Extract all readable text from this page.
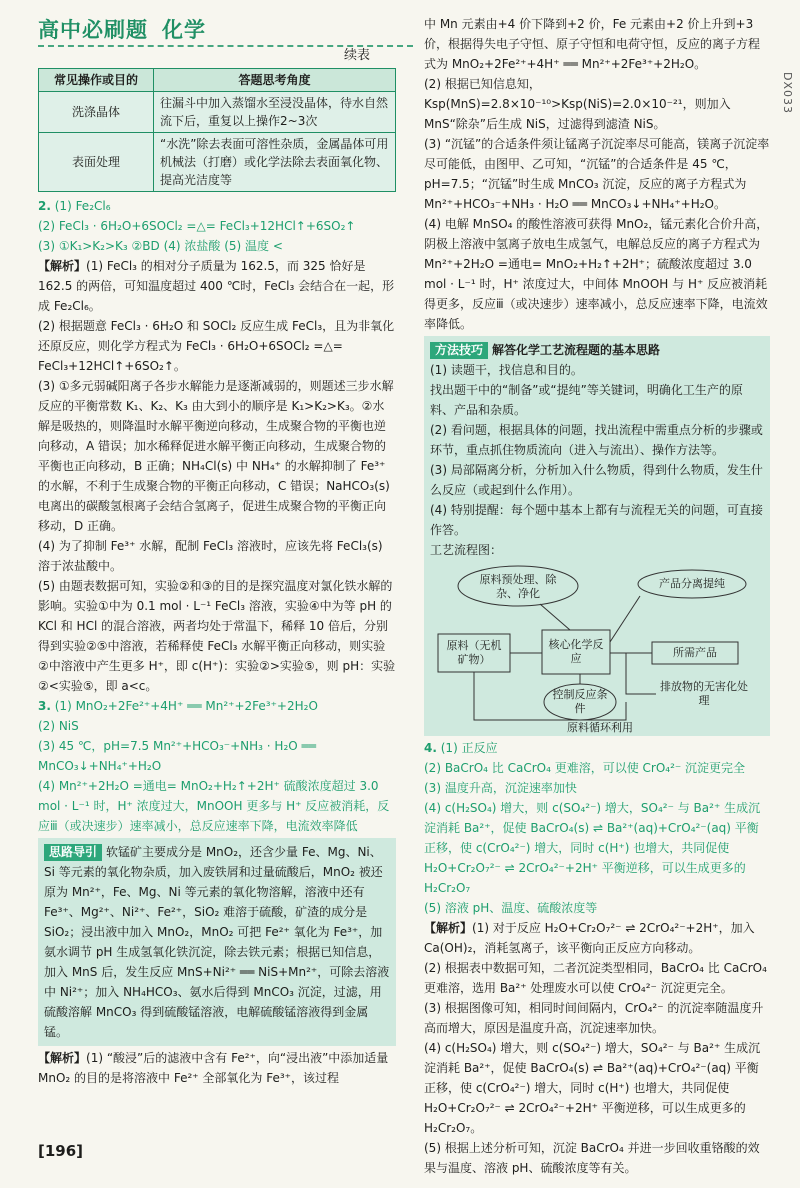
高中必刷题 化学
DX033
续表
常见操作或目的	答题思考角度
洗涤晶体	往漏斗中加入蒸馏水至浸没晶体，待水自然流下后，重复以上操作2~3次
表面处理	“水洗”除去表面可溶性杂质，金属晶体可用机械法（打磨）或化学法除去表面氧化物、提高光洁度等

2. (1) Fe₂Cl₆

(2) FeCl₃ · 6H₂O+6SOCl₂ =△= FeCl₃+12HCl↑+6SO₂↑

(3) ①K₁>K₂>K₃ ②BD (4) 浓盐酸 (5) 温度 <

【解析】(1) FeCl₃ 的相对分子质量为 162.5，而 325 恰好是 162.5 的两倍，可知温度超过 400 ℃时，FeCl₃ 会结合在一起，形成 Fe₂Cl₆。

(2) 根据题意 FeCl₃ · 6H₂O 和 SOCl₂ 反应生成 FeCl₃，且为非氧化还原反应，则化学方程式为 FeCl₃ · 6H₂O+6SOCl₂ =△= FeCl₃+12HCl↑+6SO₂↑。

(3) ①多元弱碱阳离子各步水解能力是逐渐减弱的，则题述三步水解反应的平衡常数 K₁、K₂、K₃ 由大到小的顺序是 K₁>K₂>K₃。②水解是吸热的，则降温时水解平衡逆向移动，生成聚合物的平衡也逆向移动，A 错误；加水稀释促进水解平衡正向移动，生成聚合物的平衡也正向移动，B 正确；NH₄Cl(s) 中 NH₄⁺ 的水解抑制了 Fe³⁺ 的水解，不利于生成聚合物的平衡正向移动，C 错误；NaHCO₃(s) 电离出的碳酸氢根离子会结合氢离子，促进生成聚合物的平衡正向移动，D 正确。

(4) 为了抑制 Fe³⁺ 水解，配制 FeCl₃ 溶液时，应该先将 FeCl₃(s) 溶于浓盐酸中。

(5) 由题表数据可知，实验②和③的目的是探究温度对氯化铁水解的影响。实验①中为 0.1 mol · L⁻¹ FeCl₃ 溶液，实验④中为等 pH 的 KCl 和 HCl 的混合溶液，两者均处于常温下，稀释 10 倍后，分别得到实验②⑤中溶液，若稀释使 FeCl₃ 水解平衡正向移动，则实验②中溶液中产生更多 H⁺，即 c(H⁺)：实验②>实验⑤，则 pH：实验②<实验⑤，即 a<c。

3. (1) MnO₂+2Fe²⁺+4H⁺ ══ Mn²⁺+2Fe³⁺+2H₂O

(2) NiS

(3) 45 ℃，pH=7.5 Mn²⁺+HCO₃⁻+NH₃ · H₂O ══ MnCO₃↓+NH₄⁺+H₂O

(4) Mn²⁺+2H₂O =通电= MnO₂+H₂↑+2H⁺ 硫酸浓度超过 3.0 mol · L⁻¹ 时，H⁺ 浓度过大，MnOOH 更多与 H⁺ 反应被消耗，反应ⅲ（或决速步）速率减小，总反应速率下降，电流效率降低

思路导引 软锰矿主要成分是 MnO₂，还含少量 Fe、Mg、Ni、Si 等元素的氧化物杂质，加入废铁屑和过量硫酸后，MnO₂ 被还原为 Mn²⁺，Fe、Mg、Ni 等元素的氧化物溶解，溶液中还有 Fe³⁺、Mg²⁺、Ni²⁺、Fe²⁺，SiO₂ 难溶于硫酸，矿渣的成分是 SiO₂；浸出液中加入 MnO₂，MnO₂ 可把 Fe²⁺ 氧化为 Fe³⁺，加氨水调节 pH 生成氢氧化铁沉淀，除去铁元素；根据已知信息，加入 MnS 后，发生反应 MnS+Ni²⁺ ══ NiS+Mn²⁺，可除去溶液中 Ni²⁺；加入 NH₄HCO₃、氨水后得到 MnCO₃ 沉淀，过滤，用硫酸溶解 MnCO₃ 得到硫酸锰溶液，电解硫酸锰溶液得到金属锰。

【解析】(1) “酸浸”后的滤液中含有 Fe²⁺，向“浸出液”中添加适量 MnO₂ 的目的是将溶液中 Fe²⁺ 全部氧化为 Fe³⁺，该过程

中 Mn 元素由+4 价下降到+2 价，Fe 元素由+2 价上升到+3 价，根据得失电子守恒、原子守恒和电荷守恒，反应的离子方程式为 MnO₂+2Fe²⁺+4H⁺ ══ Mn²⁺+2Fe³⁺+2H₂O。

(2) 根据已知信息知，Ksp(MnS)=2.8×10⁻¹⁰>Ksp(NiS)=2.0×10⁻²¹，则加入 MnS“除杂”后生成 NiS，过滤得到滤渣 NiS。

(3) “沉锰”的合适条件须让锰离子沉淀率尽可能高，镁离子沉淀率尽可能低，由图甲、乙可知，“沉锰”的合适条件是 45 ℃，pH=7.5；“沉锰”时生成 MnCO₃ 沉淀，反应的离子方程式为 Mn²⁺+HCO₃⁻+NH₃ · H₂O ══ MnCO₃↓+NH₄⁺+H₂O。

(4) 电解 MnSO₄ 的酸性溶液可获得 MnO₂，锰元素化合价升高，阴极上溶液中氢离子放电生成氢气，电解总反应的离子方程式为 Mn²⁺+2H₂O =通电= MnO₂+H₂↑+2H⁺；硫酸浓度超过 3.0 mol · L⁻¹ 时，H⁺ 浓度过大，中间体 MnOOH 与 H⁺ 反应被消耗得更多，反应ⅲ（或决速步）速率减小，总反应速率下降，电流效率降低。

方法技巧 解答化学工艺流程题的基本思路

(1) 读题干，找信息和目的。

找出题干中的“制备”或“提纯”等关键词，明确化工生产的原料、产品和杂质。

(2) 看问题，根据具体的问题，找出流程中需重点分析的步骤或环节，重点抓住物质流向（进入与流出）、操作方法等。

(3) 局部隔离分析，分析加入什么物质，得到什么物质，发生什么反应（或起到什么作用）。

(4) 特别提醒：每个题中基本上都有与流程无关的问题，可直接作答。

工艺流程图：

原料预处理、除杂、净化
产品分离提纯
原料（无机矿物）
核心化学反应	所需产品
控制反应条件
排放物的无害化处理
原料循环利用

4. (1) 正反应

(2) BaCrO₄ 比 CaCrO₄ 更难溶，可以使 CrO₄²⁻ 沉淀更完全

(3) 温度升高，沉淀速率加快

(4) c(H₂SO₄) 增大，则 c(SO₄²⁻) 增大，SO₄²⁻ 与 Ba²⁺ 生成沉淀消耗 Ba²⁺，促使 BaCrO₄(s) ⇌ Ba²⁺(aq)+CrO₄²⁻(aq) 平衡正移，使 c(CrO₄²⁻) 增大，同时 c(H⁺) 也增大，共同促使 H₂O+Cr₂O₇²⁻ ⇌ 2CrO₄²⁻+2H⁺ 平衡逆移，可以生成更多的 H₂Cr₂O₇

(5) 溶液 pH、温度、硫酸浓度等

【解析】(1) 对于反应 H₂O+Cr₂O₇²⁻ ⇌ 2CrO₄²⁻+2H⁺，加入 Ca(OH)₂，消耗氢离子，该平衡向正反应方向移动。

(2) 根据表中数据可知，二者沉淀类型相同，BaCrO₄ 比 CaCrO₄ 更难溶，选用 Ba²⁺ 处理废水可以使 CrO₄²⁻ 沉淀更完全。

(3) 根据图像可知，相同时间间隔内，CrO₄²⁻ 的沉淀率随温度升高而增大，原因是温度升高，沉淀速率加快。

(4) c(H₂SO₄) 增大，则 c(SO₄²⁻) 增大，SO₄²⁻ 与 Ba²⁺ 生成沉淀消耗 Ba²⁺，促使 BaCrO₄(s) ⇌ Ba²⁺(aq)+CrO₄²⁻(aq) 平衡正移，使 c(CrO₄²⁻) 增大，同时 c(H⁺) 也增大，共同促使 H₂O+Cr₂O₇²⁻ ⇌ 2CrO₄²⁻+2H⁺ 平衡逆移，可以生成更多的 H₂Cr₂O₇。

(5) 根据上述分析可知，沉淀 BaCrO₄ 并进一步回收重铬酸的效果与温度、溶液 pH、硫酸浓度等有关。

[196]
